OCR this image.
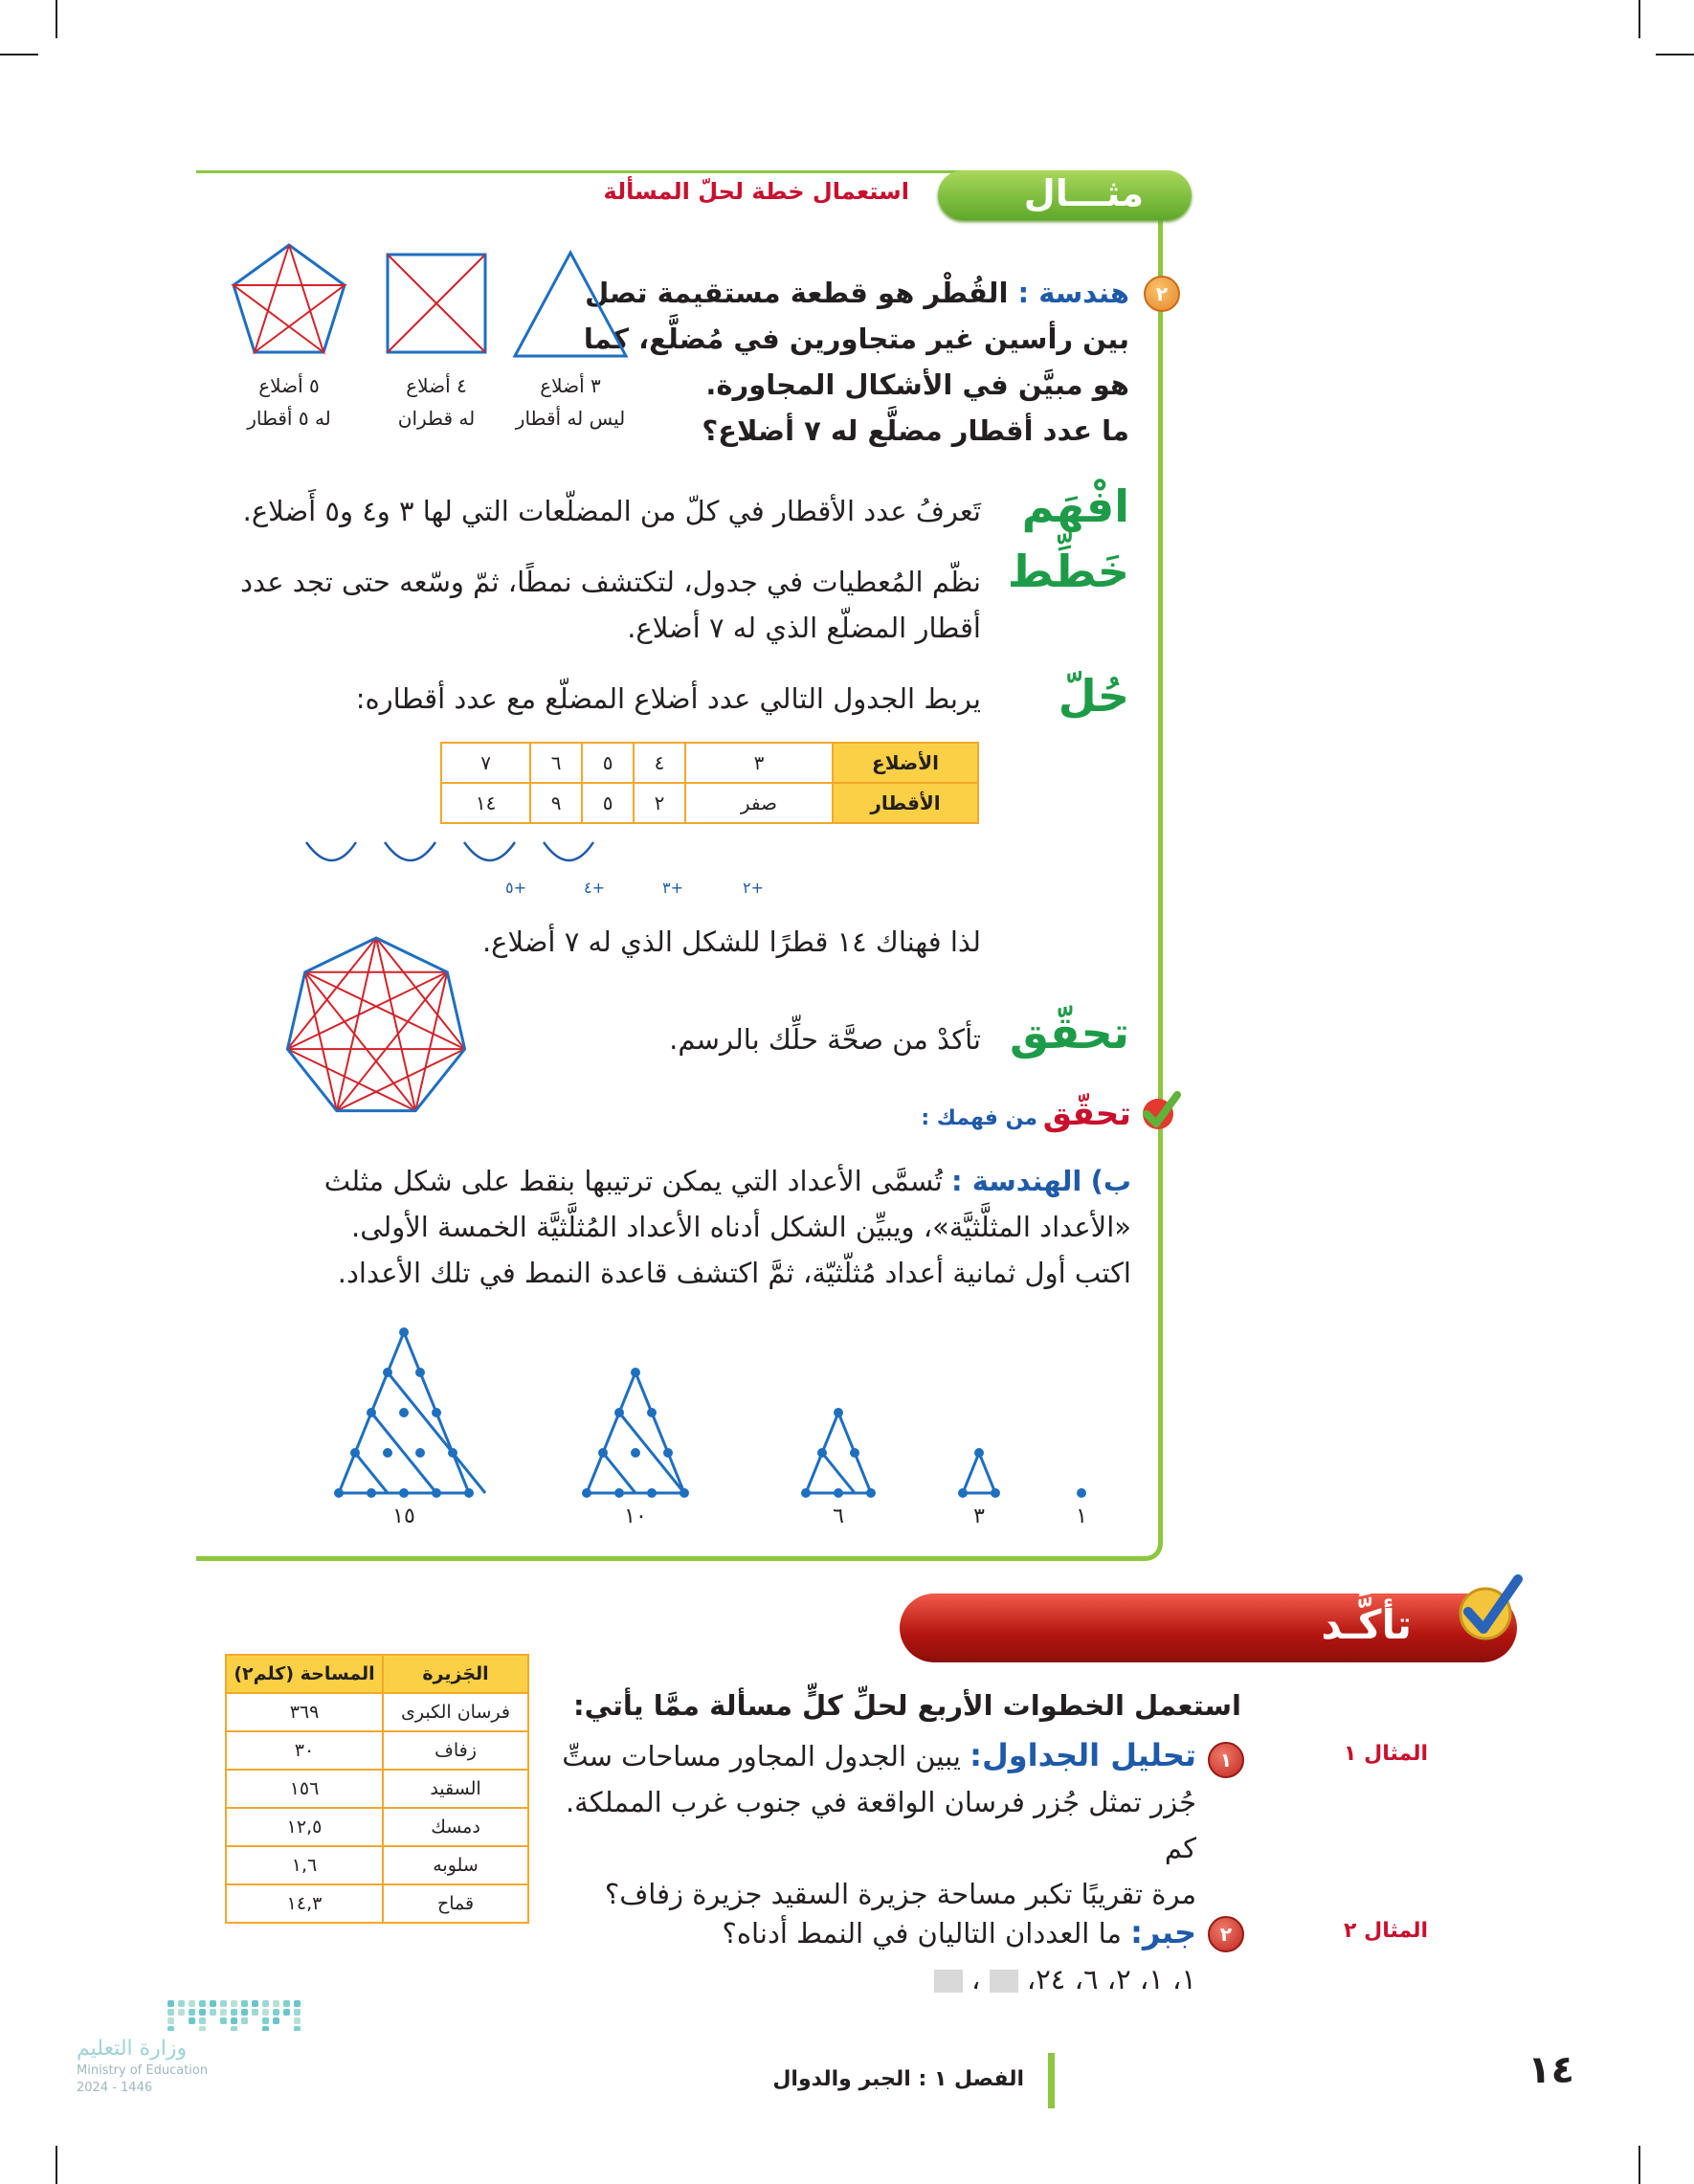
مثـــال
استعمال خطة لحلّ المسألة
٢
هندسة : القُطْر هو قطعة مستقيمة تصل
بين رأسين غير متجاورين في مُضلَّع، كما
هو مبيَّن في الأشكال المجاورة.
ما عدد أقطار مضلَّع له ٧ أضلاع؟
٣ أضلاع
ليس له أقطار
٤ أضلاع
له قطران
٥ أضلاع
له ٥ أقطار
افْهَم
تَعرفُ عدد الأقطار في كلّ من المضلّعات التي لها ٣ و٤ و٥ أَضلاع.
خَطِّط
نظّم المُعطيات في جدول، لتكتشف نمطًا، ثمّ وسّعه حتى تجد عدد
أقطار المضلّع الذي له ٧ أضلاع.
حُلّ
يربط الجدول التالي عدد أضلاع المضلّع مع عدد أقطاره:
الأضلاع	٣	٤	٥	٦	٧
الأقطار	صفر	٢	٥	٩	١٤
+٢
+٣
+٤
+٥
لذا فهناك ١٤ قطرًا للشكل الذي له ٧ أضلاع.
تحقّق
تأكدْ من صحَّة حلِّك بالرسم.
تحقّق من فهمك :
ب) الهندسة : تُسمَّى الأعداد التي يمكن ترتيبها بنقط على شكل مثلث
«الأعداد المثلَّثيَّة»، ويبيِّن الشكل أدناه الأعداد المُثلَّثيَّة الخمسة الأولى.
اكتب أول ثمانية أعداد مُثلّثيّة، ثمَّ اكتشف قاعدة النمط في تلك الأعداد.
١
٣
٦
١٠
١٥
تأكَّـد
استعمل الخطوات الأربع لحلِّ كلٍّ مسألة ممَّا يأتي:
المثال ١
١
تحليل الجداول: يبين الجدول المجاور مساحات ستِّ
جُزر تمثل جُزر فرسان الواقعة في جنوب غرب المملكة. كم
مرة تقريبًا تكبر مساحة جزيرة السقيد جزيرة زفاف؟
المثال ٢
٢
جبر: ما العددان التاليان في النمط أدناه؟
١، ١، ٢، ٦، ٢٤،  ،
الجَزيرة	المساحة (كلم٢)
فرسان الكبرى	٣٦٩
زفاف	٣٠
السقيد	١٥٦
دمسك	١٢,٥
سلوبه	١,٦
قماح	١٤,٣
١٤
الفصل ١ : الجبر والدوال
وزارة التعليم
Ministry of Education
2024 - 1446
